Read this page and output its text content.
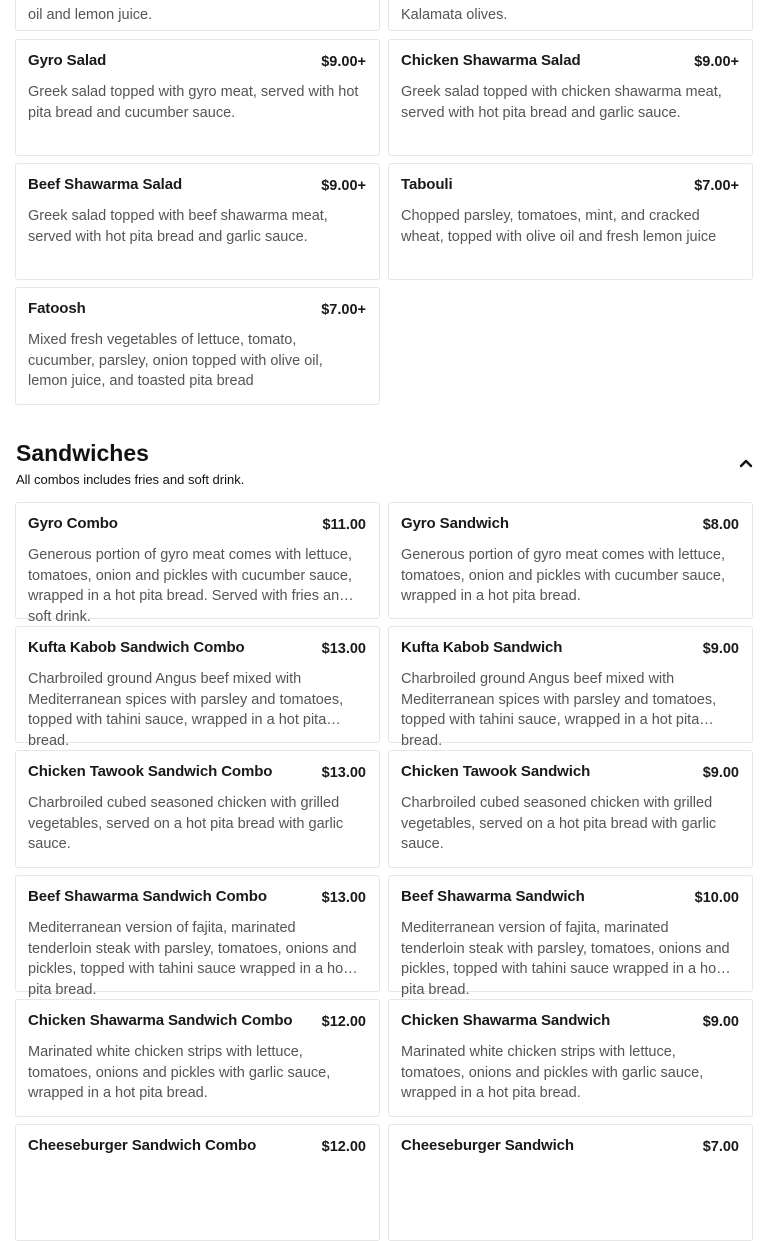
oil and lemon juice.	Kalamata olives.
Gyro Salad	$9.00+
Greek salad topped with gyro meat, served with hot pita bread and cucumber sauce.
Chicken Shawarma Salad	$9.00+
Greek salad topped with chicken shawarma meat, served with hot pita bread and garlic sauce.
Beef Shawarma Salad	$9.00+
Greek salad topped with beef shawarma meat, served with hot pita bread and garlic sauce.
Tabouli	$7.00+
Chopped parsley, tomatoes, mint, and cracked wheat, topped with olive oil and fresh lemon juice
Fatoosh	$7.00+
Mixed fresh vegetables of lettuce, tomato, cucumber, parsley, onion topped with olive oil, lemon juice, and toasted pita bread
Sandwiches
All combos includes fries and soft drink.
Gyro Combo	$11.00
Generous portion of gyro meat comes with lettuce, tomatoes, onion and pickles with cucumber sauce, wrapped in a hot pita bread. Served with fries and soft drink.
Gyro Sandwich	$8.00
Generous portion of gyro meat comes with lettuce, tomatoes, onion and pickles with cucumber sauce, wrapped in a hot pita bread.
Kufta Kabob Sandwich Combo	$13.00
Charbroiled ground Angus beef mixed with Mediterranean spices with parsley and tomatoes, topped with tahini sauce, wrapped in a hot pita bread.
Kufta Kabob Sandwich	$9.00
Charbroiled ground Angus beef mixed with Mediterranean spices with parsley and tomatoes, topped with tahini sauce, wrapped in a hot pita bread.
Chicken Tawook Sandwich Combo	$13.00
Charbroiled cubed seasoned chicken with grilled vegetables, served on a hot pita bread with garlic sauce.
Chicken Tawook Sandwich	$9.00
Charbroiled cubed seasoned chicken with grilled vegetables, served on a hot pita bread with garlic sauce.
Beef Shawarma Sandwich Combo	$13.00
Mediterranean version of fajita, marinated tenderloin steak with parsley, tomatoes, onions and pickles, topped with tahini sauce wrapped in a hot pita bread.
Beef Shawarma Sandwich	$10.00
Mediterranean version of fajita, marinated tenderloin steak with parsley, tomatoes, onions and pickles, topped with tahini sauce wrapped in a hot pita bread.
Chicken Shawarma Sandwich Combo $12.00
Marinated white chicken strips with lettuce, tomatoes, onions and pickles with garlic sauce, wrapped in a hot pita bread.
Chicken Shawarma Sandwich	$9.00
Marinated white chicken strips with lettuce, tomatoes, onions and pickles with garlic sauce, wrapped in a hot pita bread.
Cheeseburger Sandwich Combo	$12.00 Cheeseburger Sandwich	$7.00
